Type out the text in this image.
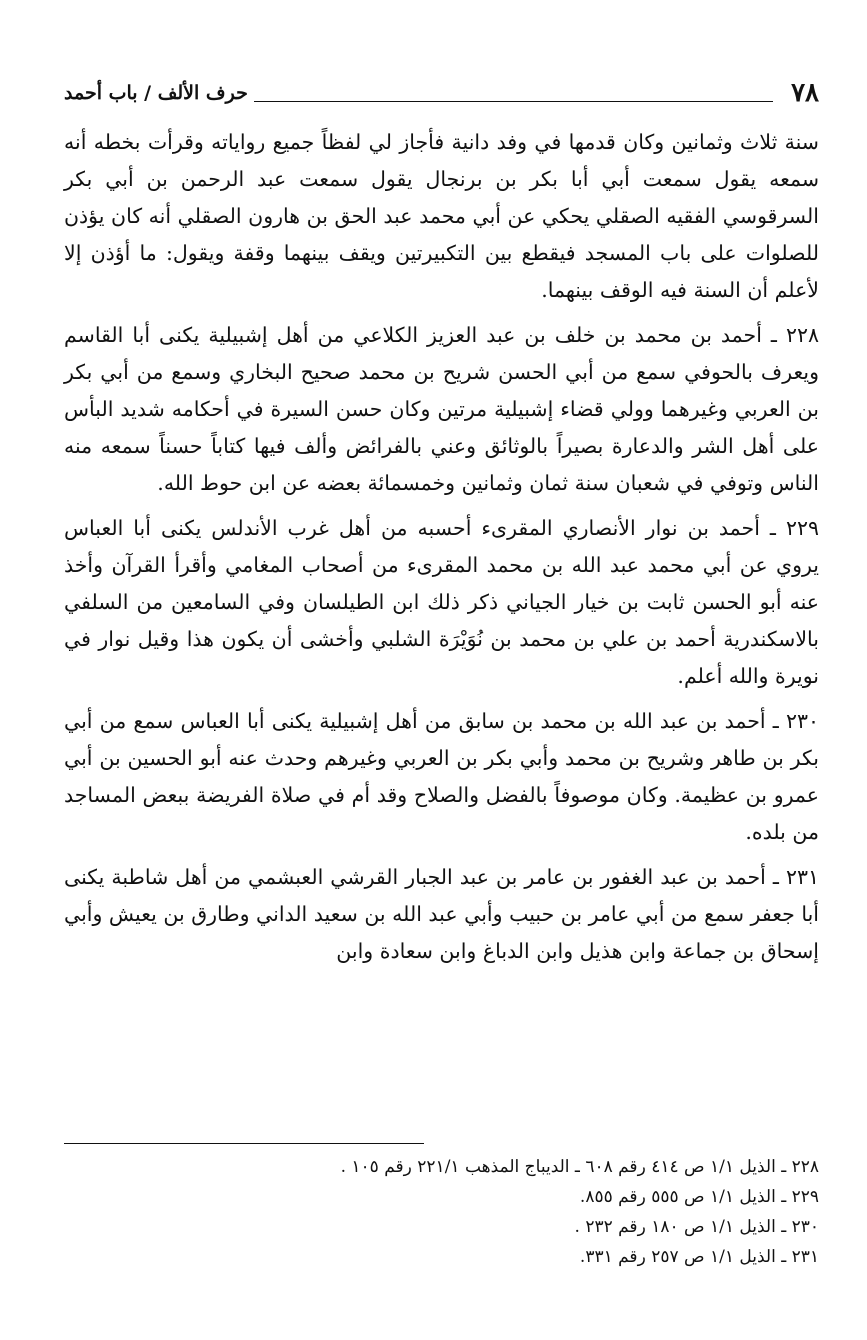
٧٨
حرف الألف / باب أحمد

سنة ثلاث وثمانين وكان قدمها في وفد دانية فأجاز لي لفظاً جميع رواياته وقرأت بخطه أنه سمعه يقول سمعت أبي أبا بكر بن برنجال يقول سمعت عبد الرحمن بن أبي بكر السرقوسي الفقيه الصقلي يحكي عن أبي محمد عبد الحق بن هارون الصقلي أنه كان يؤذن للصلوات على باب المسجد فيقطع بين التكبيرتين ويقف بينهما وقفة ويقول: ما أؤذن إلا لأعلم أن السنة فيه الوقف بينهما.

٢٢٨ ـ أحمد بن محمد بن خلف بن عبد العزيز الكلاعي من أهل إشبيلية يكنى أبا القاسم ويعرف بالحوفي سمع من أبي الحسن شريح بن محمد صحيح البخاري وسمع من أبي بكر بن العربي وغيرهما وولي قضاء إشبيلية مرتين وكان حسن السيرة في أحكامه شديد البأس على أهل الشر والدعارة بصيراً بالوثائق وعني بالفرائض وألف فيها كتاباً حسناً سمعه منه الناس وتوفي في شعبان سنة ثمان وثمانين وخمسمائة بعضه عن ابن حوط الله.

٢٢٩ ـ أحمد بن نوار الأنصاري المقرىء أحسبه من أهل غرب الأندلس يكنى أبا العباس يروي عن أبي محمد عبد الله بن محمد المقرىء من أصحاب المغامي وأقرأ القرآن وأخذ عنه أبو الحسن ثابت بن خيار الجياني ذكر ذلك ابن الطيلسان وفي السامعين من السلفي بالاسكندرية أحمد بن علي بن محمد بن نُوَيْرَة الشلبي وأخشى أن يكون هذا وقيل نوار في نويرة والله أعلم.

٢٣٠ ـ أحمد بن عبد الله بن محمد بن سابق من أهل إشبيلية يكنى أبا العباس سمع من أبي بكر بن طاهر وشريح بن محمد وأبي بكر بن العربي وغيرهم وحدث عنه أبو الحسين بن أبي عمرو بن عظيمة. وكان موصوفاً بالفضل والصلاح وقد أم في صلاة الفريضة ببعض المساجد من بلده.

٢٣١ ـ أحمد بن عبد الغفور بن عامر بن عبد الجبار القرشي العبشمي من أهل شاطبة يكنى أبا جعفر سمع من أبي عامر بن حبيب وأبي عبد الله بن سعيد الداني وطارق بن يعيش وأبي إسحاق بن جماعة وابن هذيل وابن الدباغ وابن سعادة وابن

٢٢٨ ـ الذيل ١/١ ص ٤١٤ رقم ٦٠٨ ـ الديباج المذهب ٢٢١/١ رقم ١٠٥ .

٢٢٩ ـ الذيل ١/١ ص ٥٥٥ رقم ٨٥٥.

٢٣٠ ـ الذيل ١/١ ص ١٨٠ رقم ٢٣٢ .

٢٣١ ـ الذيل ١/١ ص ٢٥٧ رقم ٣٣١.
